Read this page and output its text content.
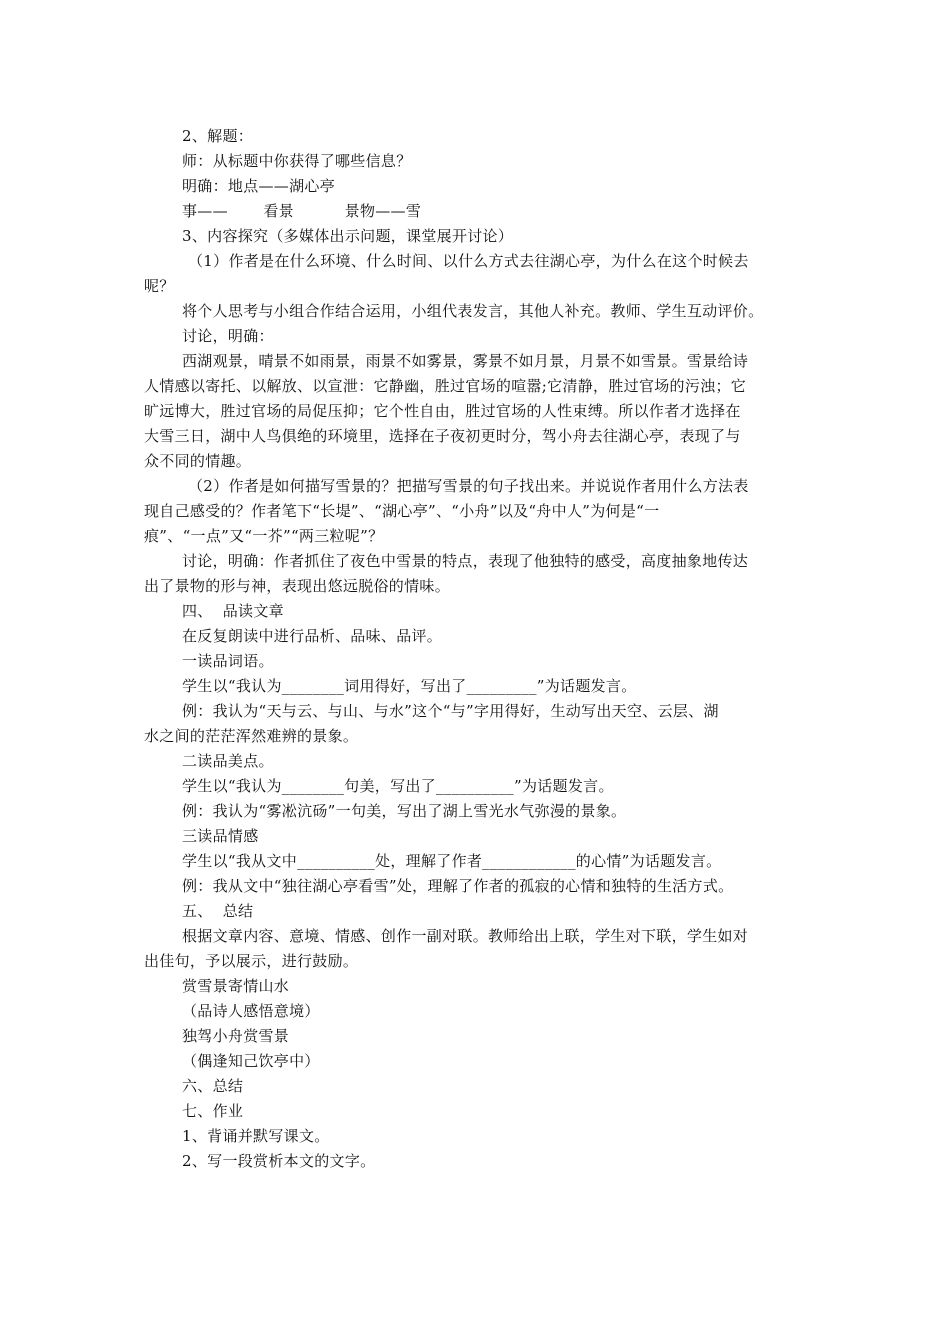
2、解题：
师：从标题中你获得了哪些信息？
明确：地点——湖心亭
事——       看景          景物——雪
3、内容探究（多媒体出示问题，课堂展开讨论）
（1）作者是在什么环境、什么时间、以什么方式去往湖心亭，为什么在这个时候去
呢？
将个人思考与小组合作结合运用，小组代表发言，其他人补充。教师、学生互动评价。
讨论，明确：
西湖观景，晴景不如雨景，雨景不如雾景，雾景不如月景，月景不如雪景。雪景给诗
人情感以寄托、以解放、以宣泄：它静幽，胜过官场的喧嚣;它清静，胜过官场的污浊；它
旷远博大，胜过官场的局促压抑；它个性自由，胜过官场的人性束缚。所以作者才选择在
大雪三日，湖中人鸟俱绝的环境里，选择在子夜初更时分，驾小舟去往湖心亭，表现了与
众不同的情趣。
（2）作者是如何描写雪景的？把描写雪景的句子找出来。并说说作者用什么方法表
现自己感受的？作者笔下“长堤”、“湖心亭”、“小舟”以及“舟中人”为何是“一
痕”、“一点”又“一芥”“两三粒呢”？
讨论，明确：作者抓住了夜色中雪景的特点，表现了他独特的感受，高度抽象地传达
出了景物的形与神，表现出悠远脱俗的情味。
四、  品读文章
在反复朗读中进行品析、品味、品评。
一读品词语。
学生以“我认为________词用得好，写出了_________”为话题发言。
例：我认为“天与云、与山、与水”这个“与”字用得好，生动写出天空、云层、湖
水之间的茫茫浑然难辨的景象。
二读品美点。
学生以“我认为________句美，写出了__________”为话题发言。
例：我认为“雾凇沆砀”一句美，写出了湖上雪光水气弥漫的景象。
三读品情感
学生以“我从文中__________处，理解了作者____________的心情”为话题发言。
例：我从文中“独往湖心亭看雪”处，理解了作者的孤寂的心情和独特的生活方式。
五、  总结
根据文章内容、意境、情感、创作一副对联。教师给出上联，学生对下联，学生如对
出佳句，予以展示，进行鼓励。
赏雪景寄情山水
（品诗人感悟意境）
独驾小舟赏雪景
（偶逢知己饮亭中）
六、总结
七、作业
1、背诵并默写课文。
2、写一段赏析本文的文字。
